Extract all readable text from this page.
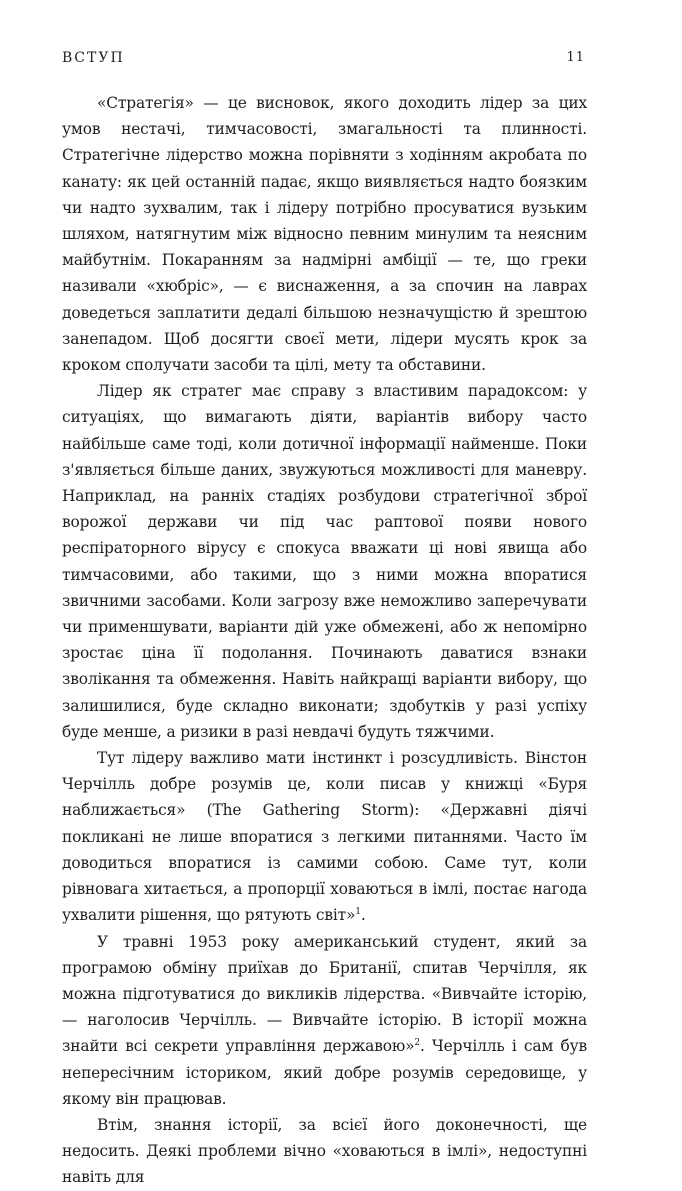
ВСТУП	11

«Стратегія» — це висновок, якого доходить лідер за цих умов нестачі, тимчасовості, змагальності та плинності. Стратегічне лідерство можна порівняти з ходінням акробата по канату: як цей останній падає, якщо виявляється надто боязким чи надто зухвалим, так і лідеру потрібно просуватися вузьким шляхом, натягнутим між відносно певним минулим та неясним майбутнім. Покаранням за надмірні амбіції — те, що греки називали «хюбріс», — є виснаження, а за спочин на лаврах доведеться заплатити дедалі більшою незначущістю й зрештою занепадом. Щоб досягти своєї мети, лідери мусять крок за кроком сполучати засоби та цілі, мету та обставини.

Лідер як стратег має справу з властивим парадоксом: у ситуаціях, що вимагають діяти, варіантів вибору часто найбільше саме тоді, коли дотичної інформації найменше. Поки з'являється більше даних, звужуються можливості для маневру. Наприклад, на ранніх стадіях розбудови стратегічної зброї ворожої держави чи під час раптової появи нового респіраторного вірусу є спокуса вважати ці нові явища або тимчасовими, або такими, що з ними можна впоратися звичними засобами. Коли загрозу вже неможливо заперечувати чи применшувати, варіанти дій уже обмежені, або ж непомірно зростає ціна її подолання. Починають даватися взнаки зволікання та обмеження. Навіть найкращі варіанти вибору, що залишилися, буде складно виконати; здобутків у разі успіху буде менше, а ризики в разі невдачі будуть тяжчими.

Тут лідеру важливо мати інстинкт і розсудливість. Вінстон Черчілль добре розумів це, коли писав у книжці «Буря наближається» (The Gathering Storm): «Державні діячі покликані не лише впоратися з легкими питаннями. Часто їм доводиться впоратися із самими собою. Саме тут, коли рівновага хитається, а пропорції ховаються в імлі, постає нагода ухвалити рішення, що рятують світ»$^1$.

У травні 1953 року американський студент, який за програмою обміну приїхав до Британії, спитав Черчілля, як можна підготуватися до викликів лідерства. «Вивчайте історію, — наголосив Черчілль. — Вивчайте історію. В історії можна знайти всі секрети управління державою»$^2$. Черчілль і сам був непересічним істориком, який добре розумів середовище, у якому він працював.

Втім, знання історії, за всієї його доконечності, ще недосить. Деякі проблеми вічно «ховаються в імлі», недоступні навіть для
